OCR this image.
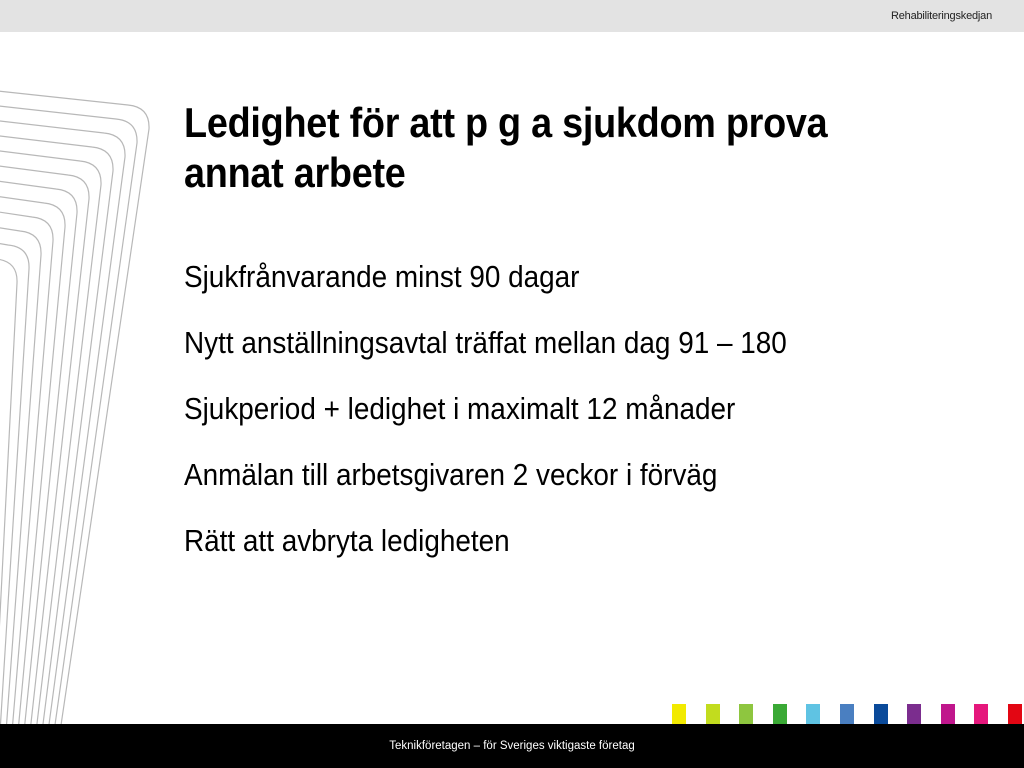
Rehabiliteringskedjan
Ledighet för att p g a sjukdom prova annat arbete
Sjukfrånvarande minst 90 dagar
Nytt anställningsavtal träffat mellan dag 91 – 180
Sjukperiod + ledighet i maximalt 12 månader
Anmälan till arbetsgivaren 2 veckor i förväg
Rätt att avbryta ledigheten
Teknikföretagen – för Sveriges viktigaste företag
